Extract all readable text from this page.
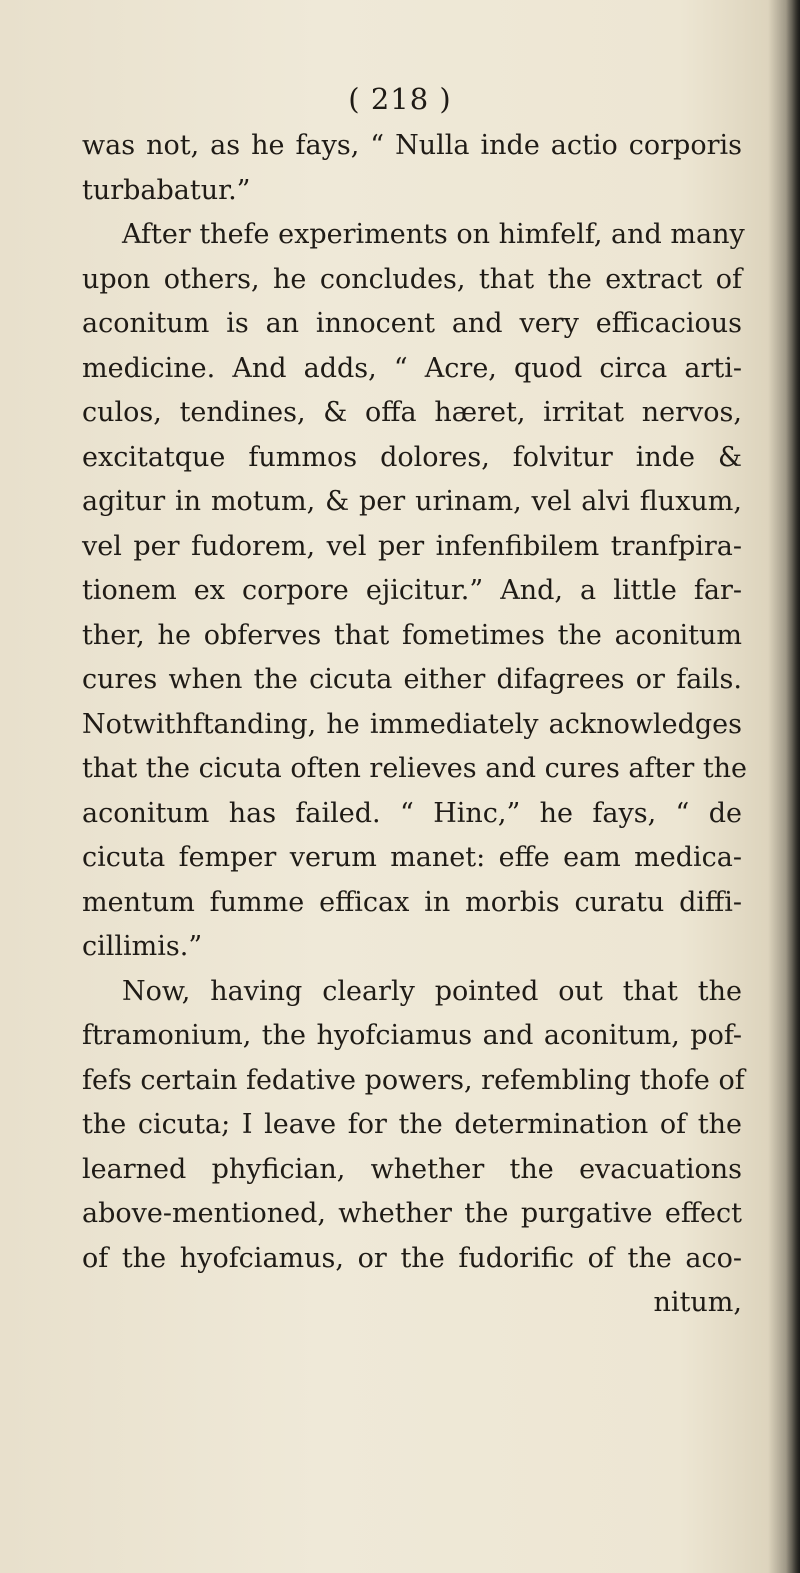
( 218 )
was not, as he fays, “ Nulla inde actio corporis
turbabatur.”
After thefe experiments on himfelf, and many
upon others, he concludes, that the extract of
aconitum is an innocent and very efficacious
medicine. And adds, “ Acre, quod circa arti-
culos, tendines, & offa hæret, irritat nervos,
excitatque fummos dolores, folvitur inde &
agitur in motum, & per urinam, vel alvi fluxum,
vel per fudorem, vel per infenfibilem tranfpira-
tionem ex corpore ejicitur.” And, a little far-
ther, he obferves that fometimes the aconitum
cures when the cicuta either difagrees or fails.
Notwithftanding, he immediately acknowledges
that the cicuta often relieves and cures after the
aconitum has failed. “ Hinc,” he fays, “ de
cicuta femper verum manet: effe eam medica-
mentum fumme efficax in morbis curatu diffi-
cillimis.”
Now, having clearly pointed out that the
ftramonium, the hyofciamus and aconitum, pof-
fefs certain fedative powers, refembling thofe of
the cicuta; I leave for the determination of the
learned phyfician, whether the evacuations
above-mentioned, whether the purgative effect
of the hyofciamus, or the fudorific of the aco-
nitum,
